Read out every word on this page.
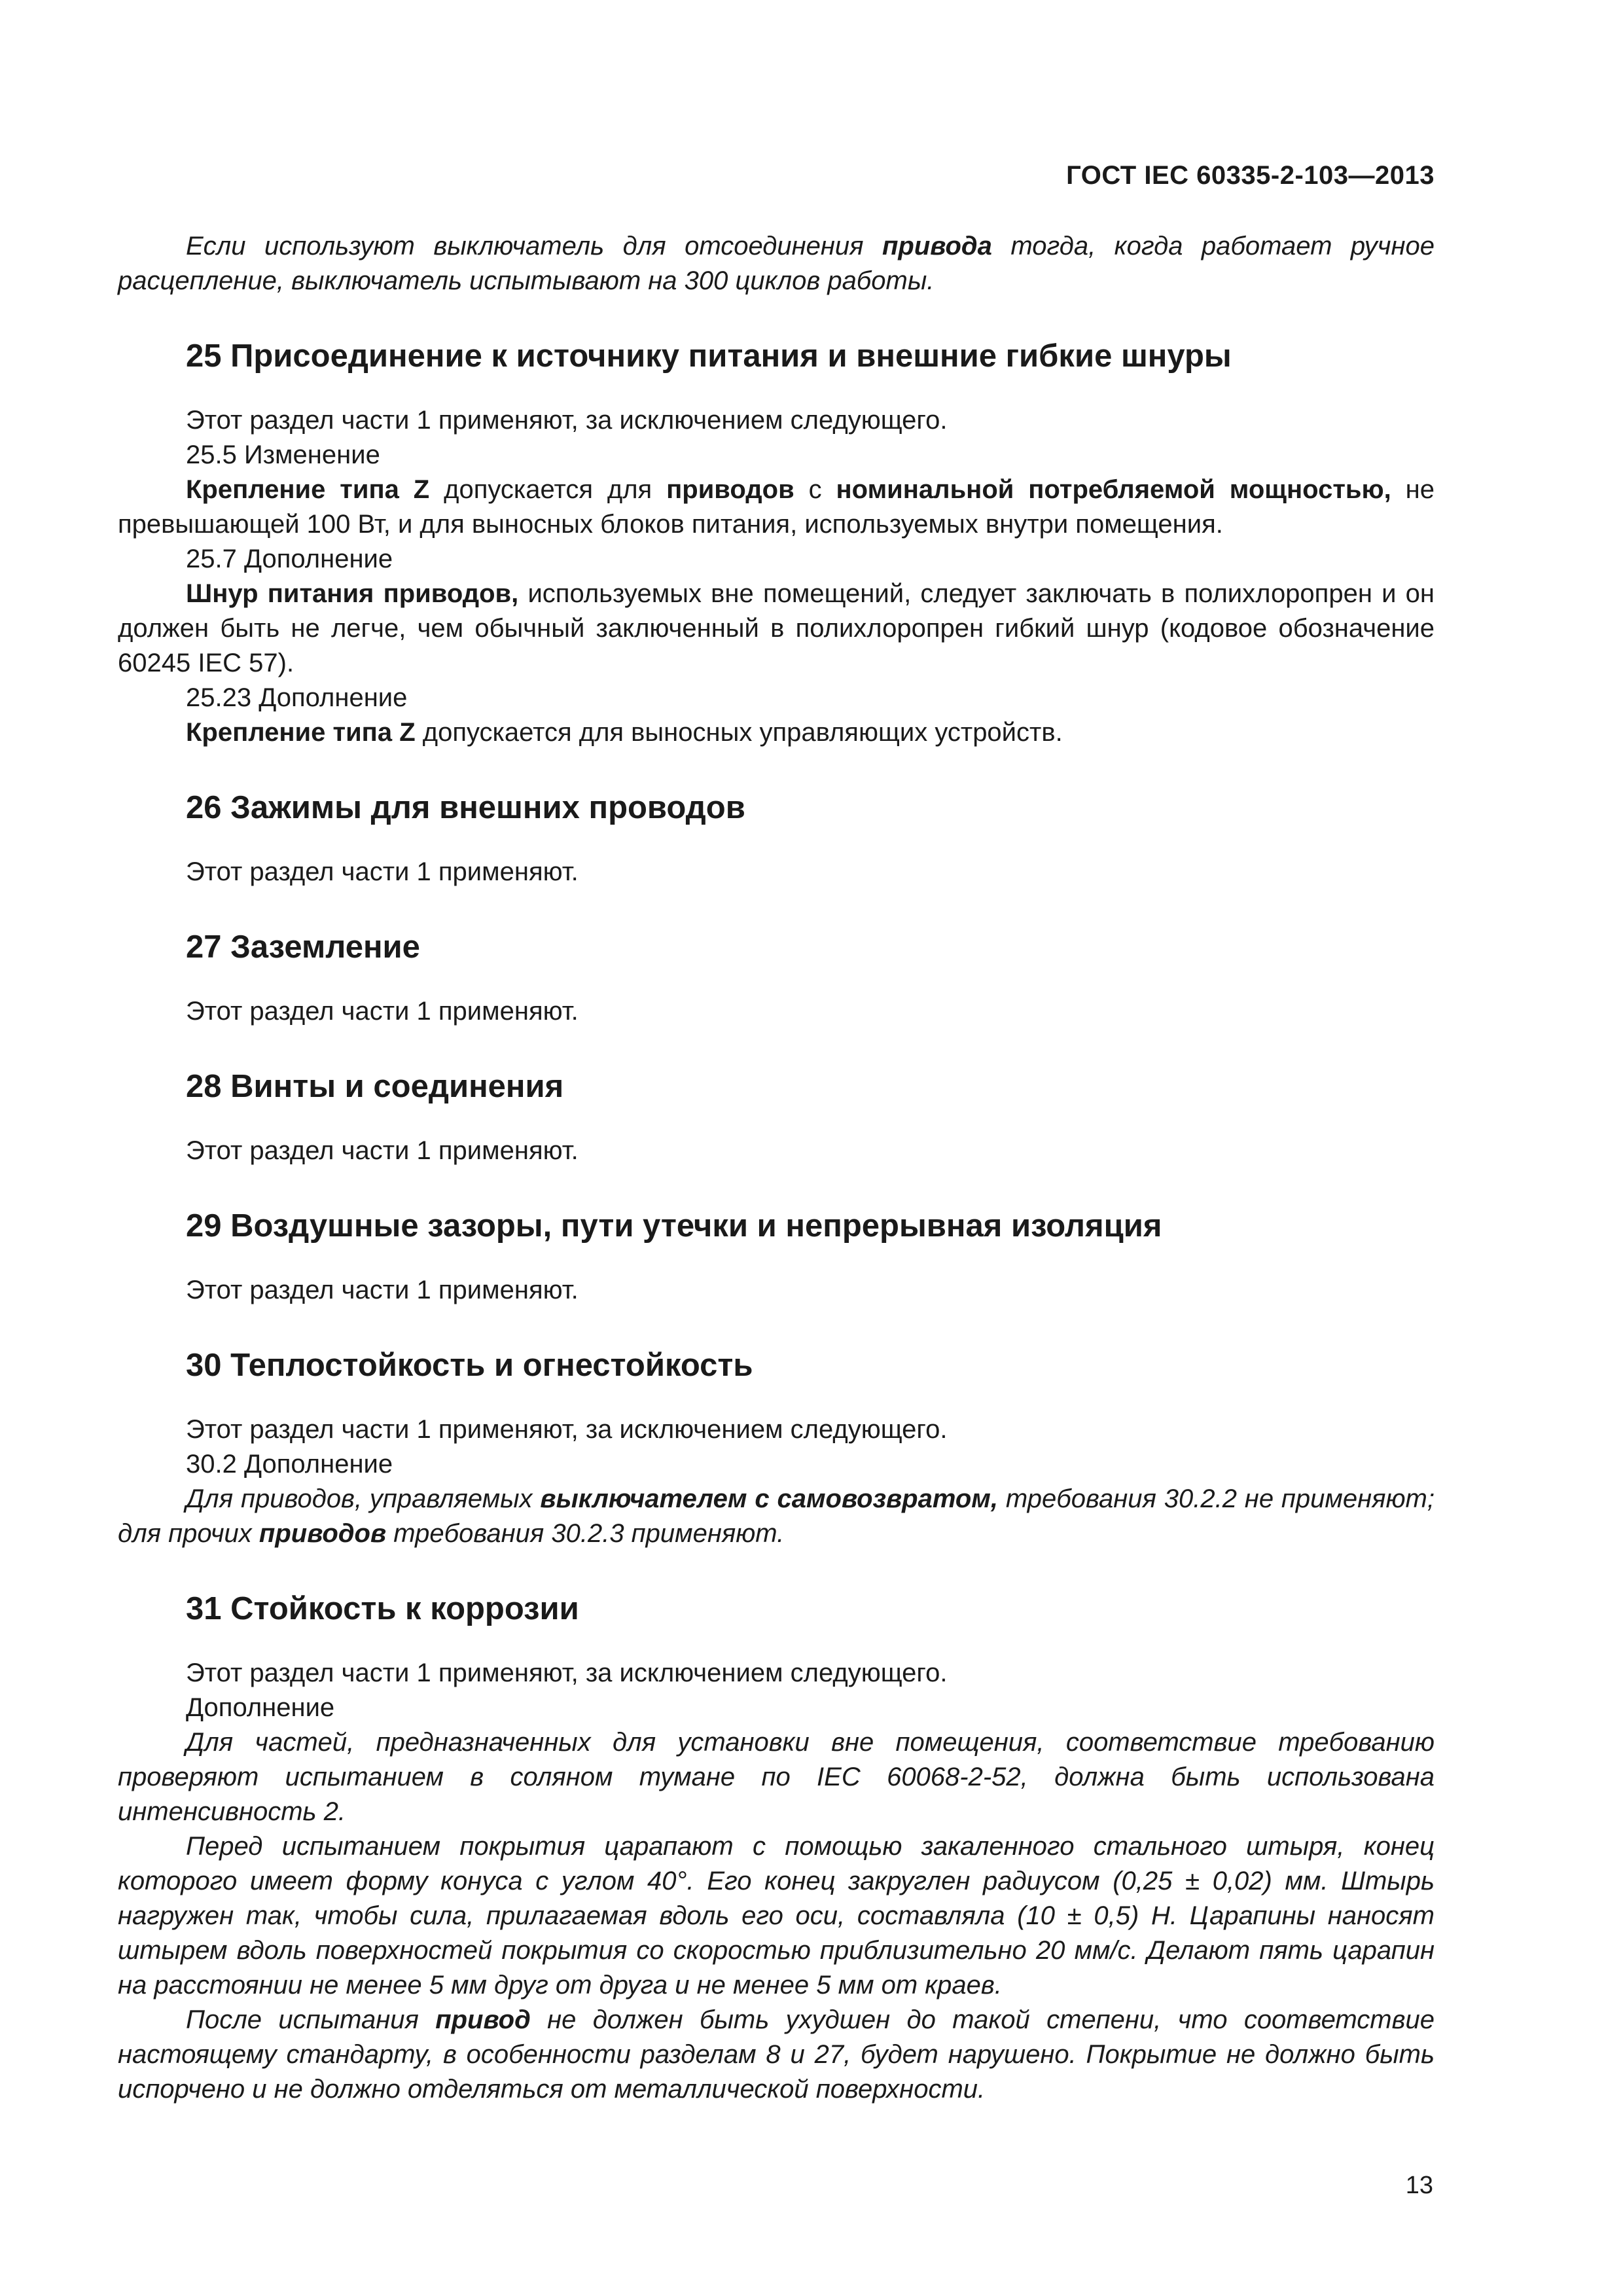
ГОСТ IEC 60335-2-103—2013

Если используют выключатель для отсоединения привода тогда, когда работает ручное расцепление, выключатель испытывают на 300 циклов работы.

25 Присоединение к источнику питания и внешние гибкие шнуры

Этот раздел части 1 применяют, за исключением следующего.

25.5 Изменение

Крепление типа Z допускается для приводов с номинальной потребляемой мощностью, не превышающей 100 Вт, и для выносных блоков питания, используемых внутри помещения.

25.7 Дополнение

Шнур питания приводов, используемых вне помещений, следует заключать в полихлоропрен и он должен быть не легче, чем обычный заключенный в полихлоропрен гибкий шнур (кодовое обозначение 60245 IEC 57).

25.23 Дополнение

Крепление типа Z допускается для выносных управляющих устройств.

26 Зажимы для внешних проводов

Этот раздел части 1 применяют.

27 Заземление

Этот раздел части 1 применяют.

28 Винты и соединения

Этот раздел части 1 применяют.

29 Воздушные зазоры, пути утечки и непрерывная изоляция

Этот раздел части 1 применяют.

30 Теплостойкость и огнестойкость

Этот раздел части 1 применяют, за исключением следующего.

30.2 Дополнение

Для приводов, управляемых выключателем с самовозвратом, требования 30.2.2 не применяют; для прочих приводов требования 30.2.3 применяют.

31 Стойкость к коррозии

Этот раздел части 1 применяют, за исключением следующего.

Дополнение

Для частей, предназначенных для установки вне помещения, соответствие требованию проверяют испытанием в соляном тумане по IEC 60068-2-52, должна быть использована интенсивность 2.

Перед испытанием покрытия царапают с помощью закаленного стального штыря, конец которого имеет форму конуса с углом 40°. Его конец закруглен радиусом (0,25 ± 0,02) мм. Штырь нагружен так, чтобы сила, прилагаемая вдоль его оси, составляла (10 ± 0,5) Н. Царапины наносят штырем вдоль поверхностей покрытия со скоростью приблизительно 20 мм/с. Делают пять царапин на расстоянии не менее 5 мм друг от друга и не менее 5 мм от краев.

После испытания привод не должен быть ухудшен до такой степени, что соответствие настоящему стандарту, в особенности разделам 8 и 27, будет нарушено. Покрытие не должно быть испорчено и не должно отделяться от металлической поверхности.

13
